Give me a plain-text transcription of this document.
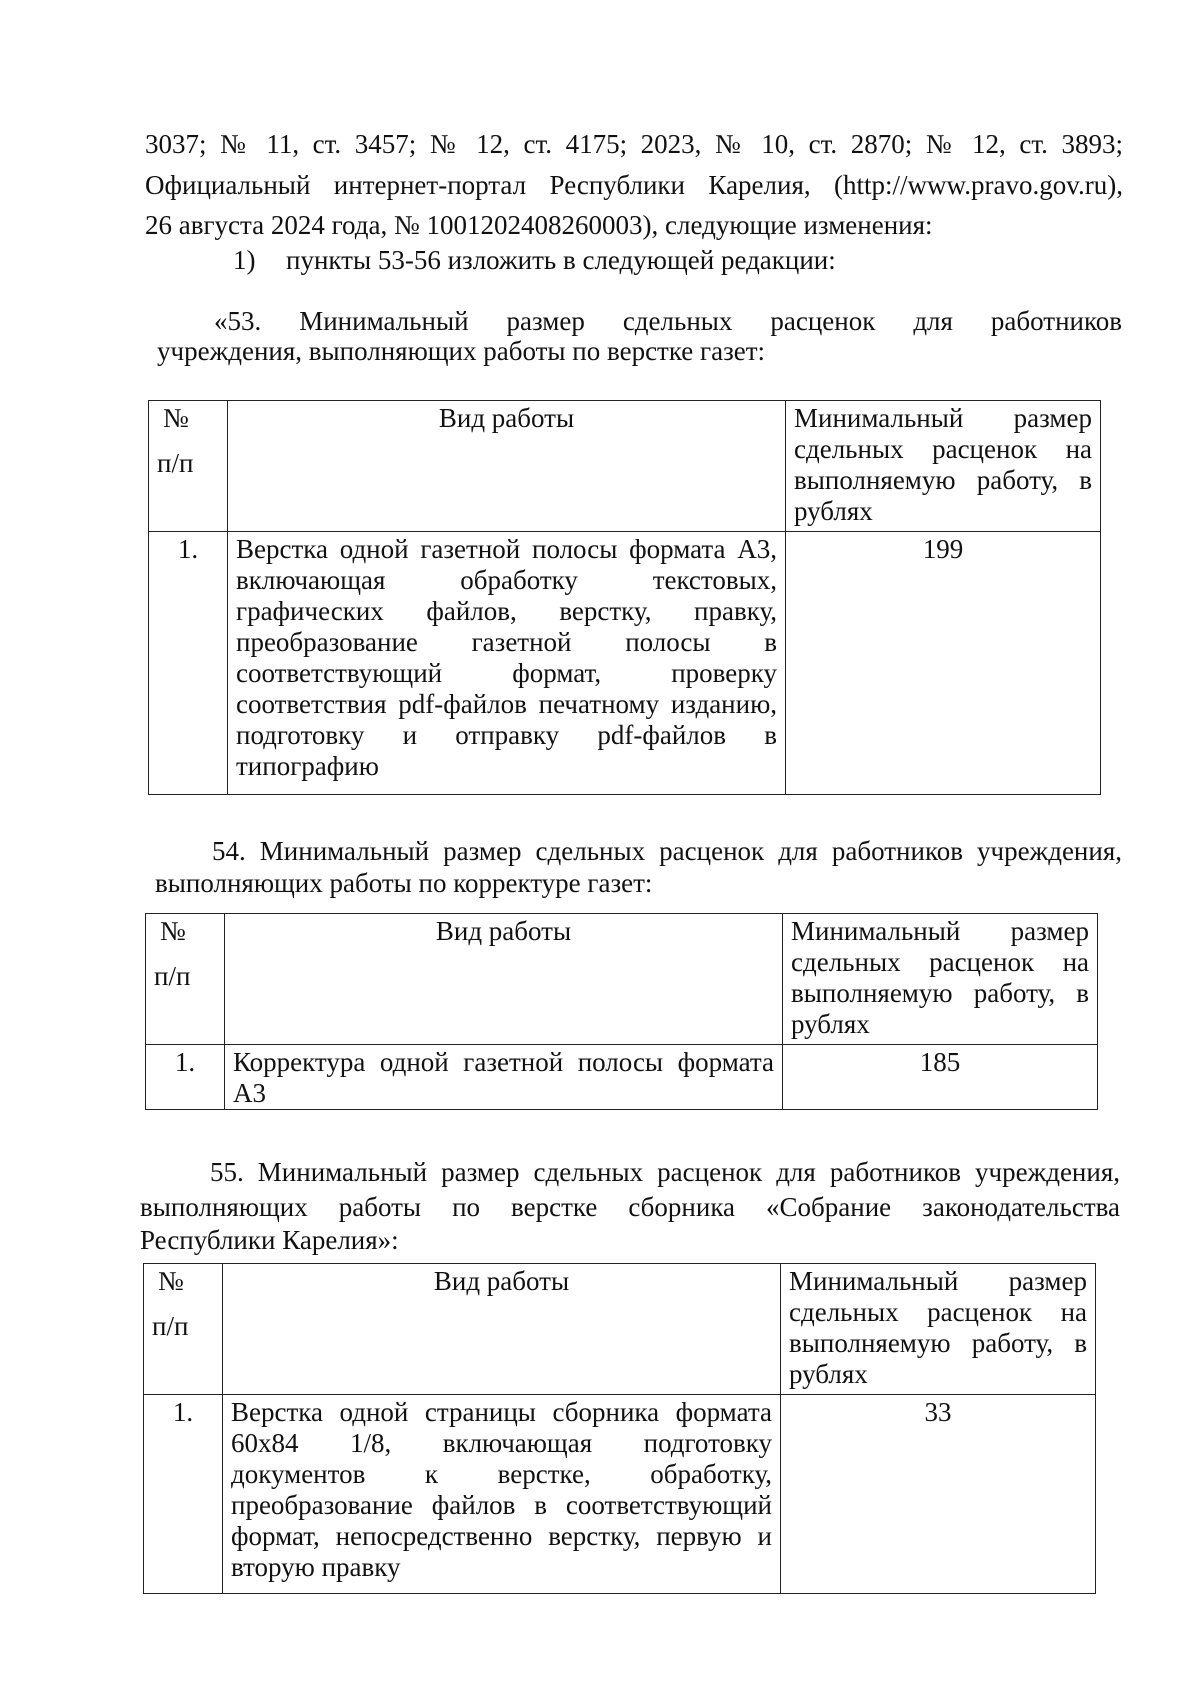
3037; № 11, ст. 3457; № 12, ст. 4175; 2023, № 10, ст. 2870; № 12, ст. 3893;

Официальный интернет-портал Республики Карелия, (http://www.pravo.gov.ru),

26 августа 2024 года, № 1001202408260003), следующие изменения:

1) пункты 53-56 изложить в следующей редакции:

«53. Минимальный размер сдельных расценок для работников

учреждения, выполняющих работы по верстке газет:

№
п/п	Вид работы	Минимальный размер сдельных расценок на выполняемую работу, в рублях
1.	Верстка одной газетной полосы формата А3, включающая обработку текстовых, графических файлов, верстку, правку, преобразование газетной полосы в соответствующий формат, проверку соответствия pdf-файлов печатному изданию, подготовку и отправку pdf-файлов в типографию	199

54. Минимальный размер сдельных расценок для работников учреждения,

выполняющих работы по корректуре газет:

№
п/п	Вид работы	Минимальный размер сдельных расценок на выполняемую работу, в рублях
1.	Корректура одной газетной полосы формата А3	185

55. Минимальный размер сдельных расценок для работников учреждения,

выполняющих работы по верстке сборника «Собрание законодательства

Республики Карелия»:

№
п/п	Вид работы	Минимальный размер сдельных расценок на выполняемую работу, в рублях
1.	Верстка одной страницы сборника формата 60х84 1/8, включающая подготовку документов к верстке, обработку, преобразование файлов в соответствующий формат, непосредственно верстку, первую и вторую правку	33
